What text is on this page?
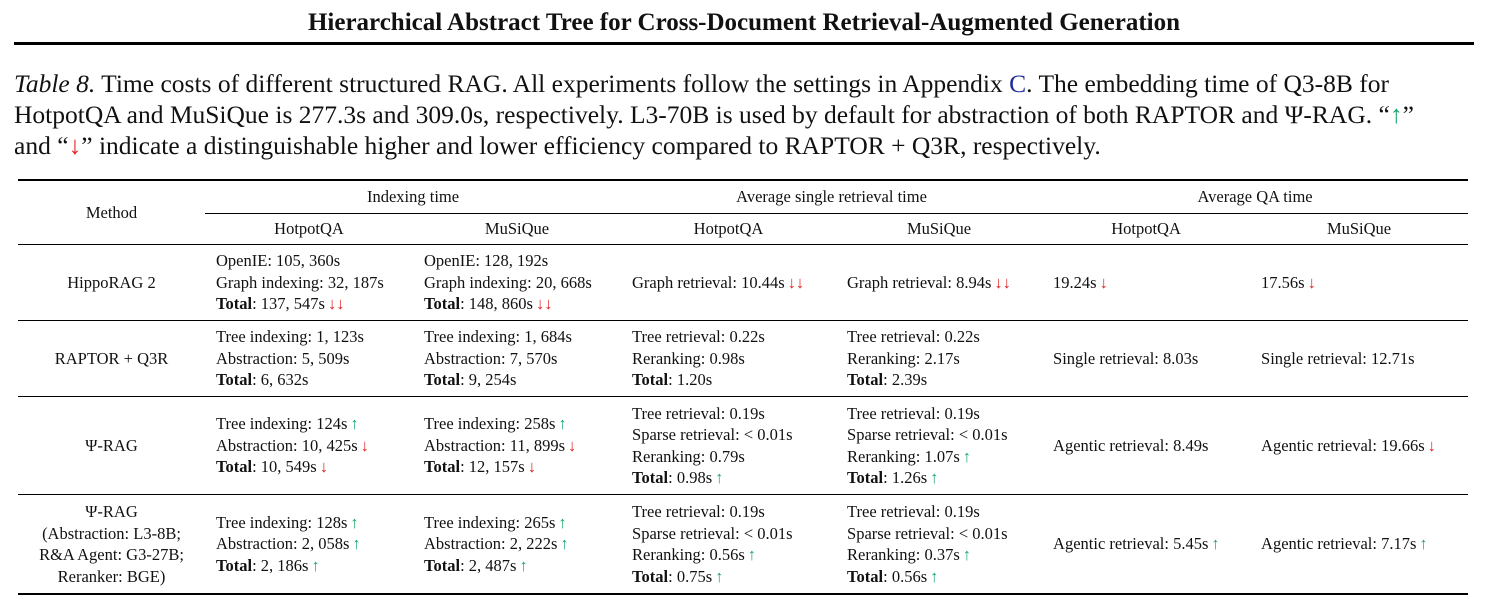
Hierarchical Abstract Tree for Cross-Document Retrieval-Augmented Generation
Table 8. Time costs of different structured RAG. All experiments follow the settings in Appendix C. The embedding time of Q3-8B for
HotpotQA and MuSiQue is 277.3s and 309.0s, respectively. L3-70B is used by default for abstraction of both RAPTOR and Ψ-RAG. “↑”
and “↓” indicate a distinguishable higher and lower efficiency compared to RAPTOR + Q3R, respectively.
Method	Indexing time		Average single retrieval time		Average QA time	
	HotpotQA	MuSiQue	HotpotQA	MuSiQue	HotpotQA	MuSiQue

HippoRAG 2	OpenIE: 105, 360s
Graph indexing: 32, 187s
Total: 137, 547s ↓↓	OpenIE: 128, 192s
Graph indexing: 20, 668s
Total: 148, 860s ↓↓	Graph retrieval: 10.44s ↓↓	Graph retrieval: 8.94s ↓↓	19.24s ↓	17.56s ↓

RAPTOR + Q3R	Tree indexing: 1, 123s
Abstraction: 5, 509s
Total: 6, 632s	Tree indexing: 1, 684s
Abstraction: 7, 570s
Total: 9, 254s	Tree retrieval: 0.22s
Reranking: 0.98s
Total: 1.20s	Tree retrieval: 0.22s
Reranking: 2.17s
Total: 2.39s	Single retrieval: 8.03s	Single retrieval: 12.71s

Ψ-RAG	Tree indexing: 124s ↑
Abstraction: 10, 425s ↓
Total: 10, 549s ↓	Tree indexing: 258s ↑
Abstraction: 11, 899s ↓
Total: 12, 157s ↓	Tree retrieval: 0.19s
Sparse retrieval: < 0.01s
Reranking: 0.79s
Total: 0.98s ↑	Tree retrieval: 0.19s
Sparse retrieval: < 0.01s
Reranking: 1.07s ↑
Total: 1.26s ↑	Agentic retrieval: 8.49s	Agentic retrieval: 19.66s ↓

Ψ-RAG
(Abstraction: L3-8B;
R&A Agent: G3-27B;
Reranker: BGE)	Tree indexing: 128s ↑
Abstraction: 2, 058s ↑
Total: 2, 186s ↑	Tree indexing: 265s ↑
Abstraction: 2, 222s ↑
Total: 2, 487s ↑	Tree retrieval: 0.19s
Sparse retrieval: < 0.01s
Reranking: 0.56s ↑
Total: 0.75s ↑	Tree retrieval: 0.19s
Sparse retrieval: < 0.01s
Reranking: 0.37s ↑
Total: 0.56s ↑	Agentic retrieval: 5.45s ↑	Agentic retrieval: 7.17s ↑
